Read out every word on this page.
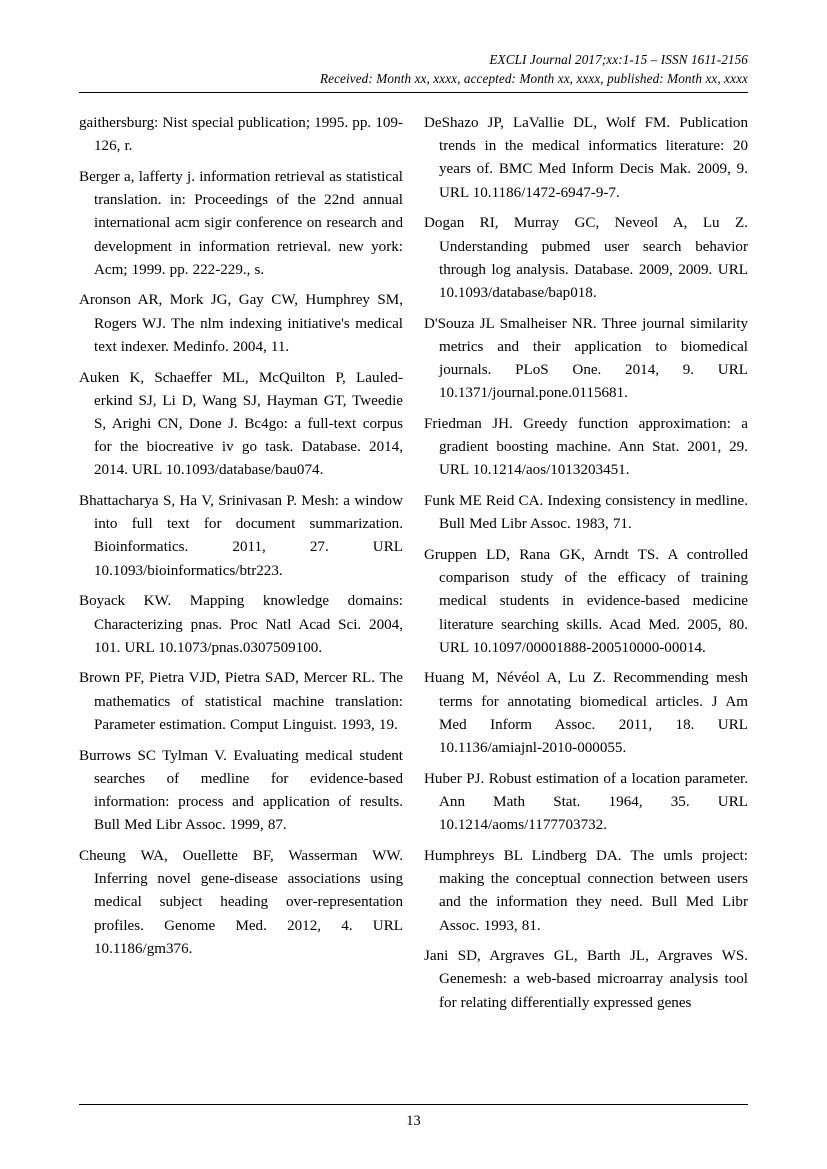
EXCLI Journal 2017;xx:1-15 – ISSN 1611-2156
Received: Month xx, xxxx, accepted: Month xx, xxxx, published: Month xx, xxxx

gaithersburg: Nist special publication; 1995. pp. 109-126, r.

Berger a, lafferty j. information retrieval as statistical translation. in: Proceedings of the 22nd annual international acm sigir conference on research and development in information retrieval. new york: Acm; 1999. pp. 222-229., s.

Aronson AR, Mork JG, Gay CW, Humphrey SM, Rogers WJ. The nlm indexing initiative's medical text indexer. Medinfo. 2004, 11.

Auken K, Schaeffer ML, McQuilton P, Lauled-erkind SJ, Li D, Wang SJ, Hayman GT, Tweedie S, Arighi CN, Done J. Bc4go: a full-text corpus for the biocreative iv go task. Database. 2014, 2014. URL 10.1093/database/bau074.

Bhattacharya S, Ha V, Srinivasan P. Mesh: a window into full text for document summarization. Bioinformatics. 2011, 27. URL 10.1093/bioinformatics/btr223.

Boyack KW. Mapping knowledge domains: Characterizing pnas. Proc Natl Acad Sci. 2004, 101. URL 10.1073/pnas.0307509100.

Brown PF, Pietra VJD, Pietra SAD, Mercer RL. The mathematics of statistical machine translation: Parameter estimation. Comput Linguist. 1993, 19.

Burrows SC Tylman V. Evaluating medical student searches of medline for evidence-based information: process and application of results. Bull Med Libr Assoc. 1999, 87.

Cheung WA, Ouellette BF, Wasserman WW. Inferring novel gene-disease associations using medical subject heading over-representation profiles. Genome Med. 2012, 4. URL 10.1186/gm376.

DeShazo JP, LaVallie DL, Wolf FM. Publication trends in the medical informatics literature: 20 years of. BMC Med Inform Decis Mak. 2009, 9. URL 10.1186/1472-6947-9-7.

Dogan RI, Murray GC, Neveol A, Lu Z. Understanding pubmed user search behavior through log analysis. Database. 2009, 2009. URL 10.1093/database/bap018.

D'Souza JL Smalheiser NR. Three journal similarity metrics and their application to biomedical journals. PLoS One. 2014, 9. URL 10.1371/journal.pone.0115681.

Friedman JH. Greedy function approximation: a gradient boosting machine. Ann Stat. 2001, 29. URL 10.1214/aos/1013203451.

Funk ME Reid CA. Indexing consistency in medline. Bull Med Libr Assoc. 1983, 71.

Gruppen LD, Rana GK, Arndt TS. A controlled comparison study of the efficacy of training medical students in evidence-based medicine literature searching skills. Acad Med. 2005, 80. URL 10.1097/00001888-200510000-00014.

Huang M, Névéol A, Lu Z. Recommending mesh terms for annotating biomedical articles. J Am Med Inform Assoc. 2011, 18. URL 10.1136/amiajnl-2010-000055.

Huber PJ. Robust estimation of a location parameter. Ann Math Stat. 1964, 35. URL 10.1214/aoms/1177703732.

Humphreys BL Lindberg DA. The umls project: making the conceptual connection between users and the information they need. Bull Med Libr Assoc. 1993, 81.

Jani SD, Argraves GL, Barth JL, Argraves WS. Genemesh: a web-based microarray analysis tool for relating differentially expressed genes

13
